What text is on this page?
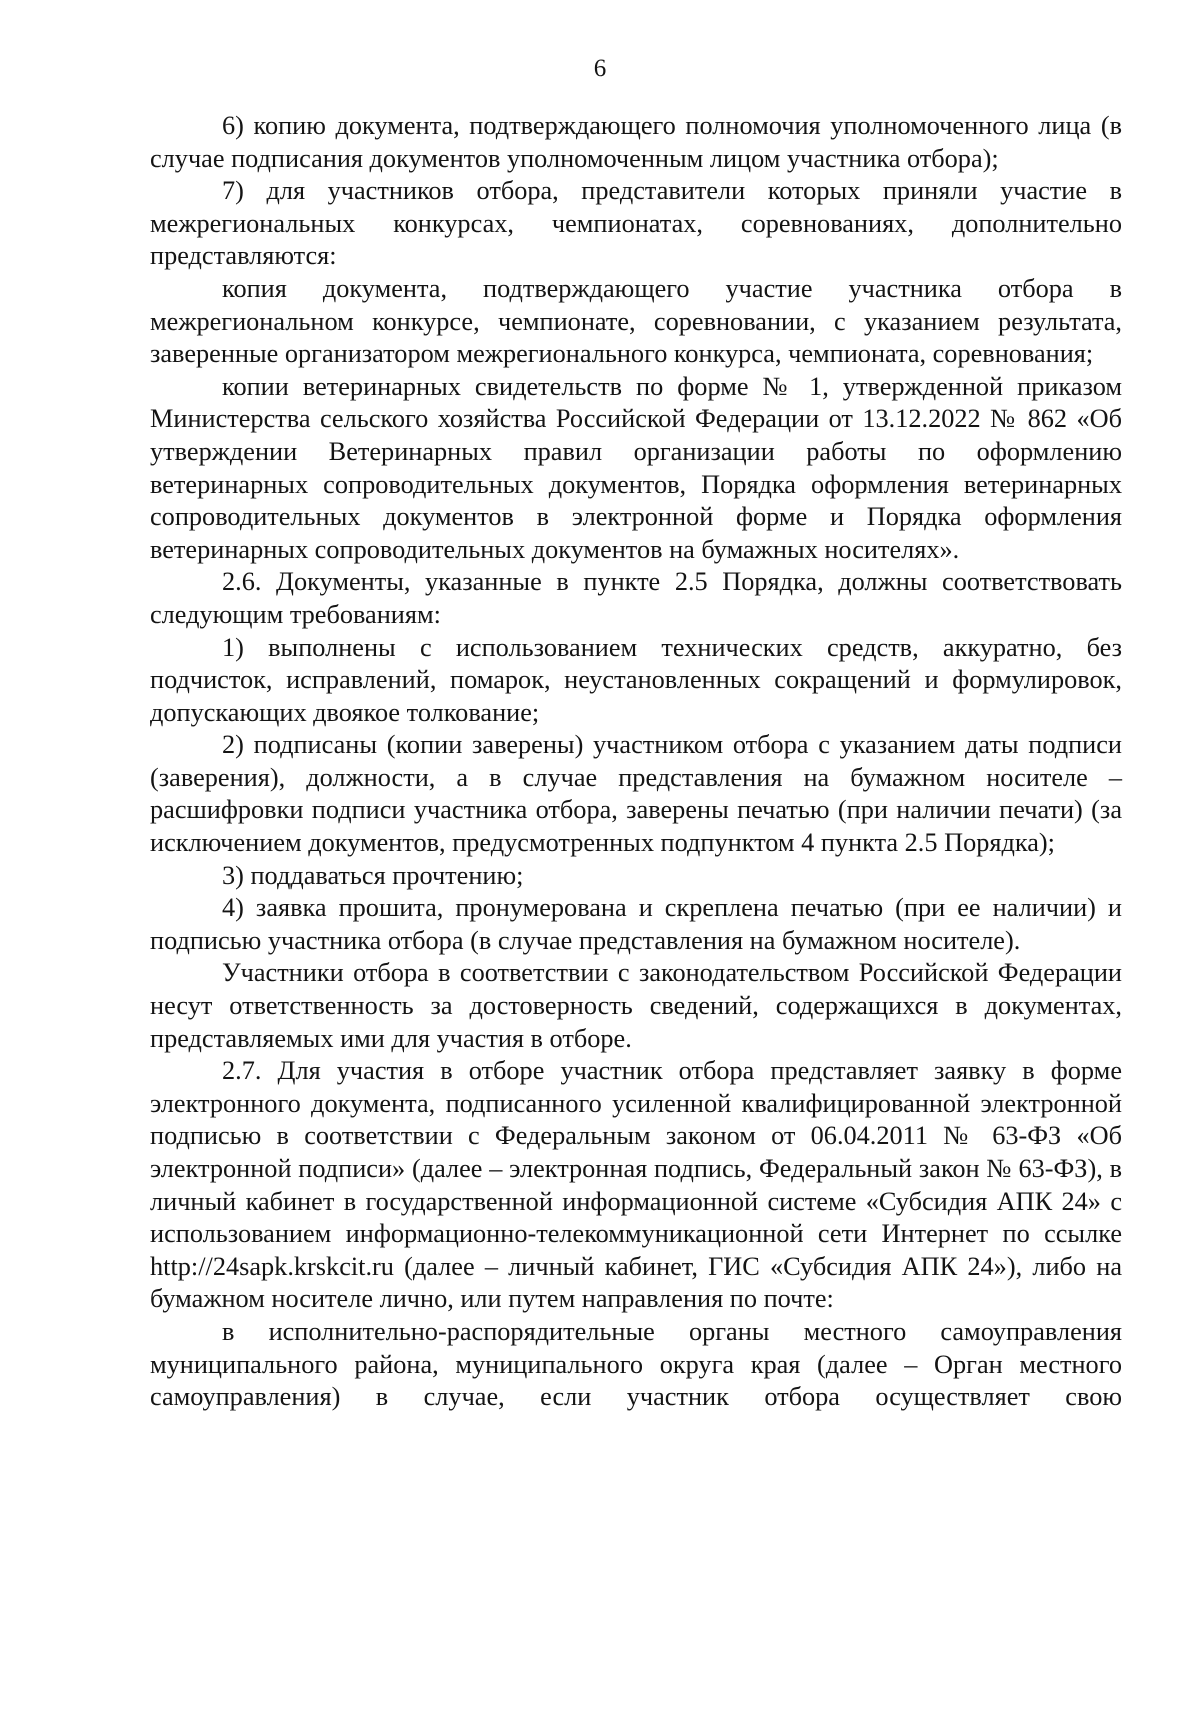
6

6) копию документа, подтверждающего полномочия уполномоченного лица (в случае подписания документов уполномоченным лицом участника отбора);

7) для участников отбора, представители которых приняли участие в межрегиональных конкурсах, чемпионатах, соревнованиях, дополнительно представляются:

копия документа, подтверждающего участие участника отбора в межрегиональном конкурсе, чемпионате, соревновании, с указанием результата, заверенные организатором межрегионального конкурса, чемпионата, соревнования;

копии ветеринарных свидетельств по форме № 1, утвержденной приказом Министерства сельского хозяйства Российской Федерации от 13.12.2022 № 862 «Об утверждении Ветеринарных правил организации работы по оформлению ветеринарных сопроводительных документов, Порядка оформления ветеринарных сопроводительных документов в электронной форме и Порядка оформления ветеринарных сопроводительных документов на бумажных носителях».

2.6. Документы, указанные в пункте 2.5 Порядка, должны соответствовать следующим требованиям:

1) выполнены с использованием технических средств, аккуратно, без подчисток, исправлений, помарок, неустановленных сокращений и формулировок, допускающих двоякое толкование;

2) подписаны (копии заверены) участником отбора с указанием даты подписи (заверения), должности, а в случае представления на бумажном носителе – расшифровки подписи участника отбора, заверены печатью (при наличии печати) (за исключением документов, предусмотренных подпунктом 4 пункта 2.5 Порядка);

3) поддаваться прочтению;

4) заявка прошита, пронумерована и скреплена печатью (при ее наличии) и подписью участника отбора (в случае представления на бумажном носителе).

Участники отбора в соответствии с законодательством Российской Федерации несут ответственность за достоверность сведений, содержащихся в документах, представляемых ими для участия в отборе.

2.7. Для участия в отборе участник отбора представляет заявку в форме электронного документа, подписанного усиленной квалифицированной электронной подписью в соответствии с Федеральным законом от 06.04.2011 № 63-ФЗ «Об электронной подписи» (далее – электронная подпись, Федеральный закон № 63-ФЗ), в личный кабинет в государственной информационной системе «Субсидия АПК 24» с использованием информационно-телекоммуникационной сети Интернет по ссылке http://24sapk.krskcit.ru (далее – личный кабинет, ГИС «Субсидия АПК 24»), либо на бумажном носителе лично, или путем направления по почте:

в исполнительно-распорядительные органы местного самоуправления муниципального района, муниципального округа края (далее – Орган местного самоуправления) в случае, если участник отбора осуществляет свою
